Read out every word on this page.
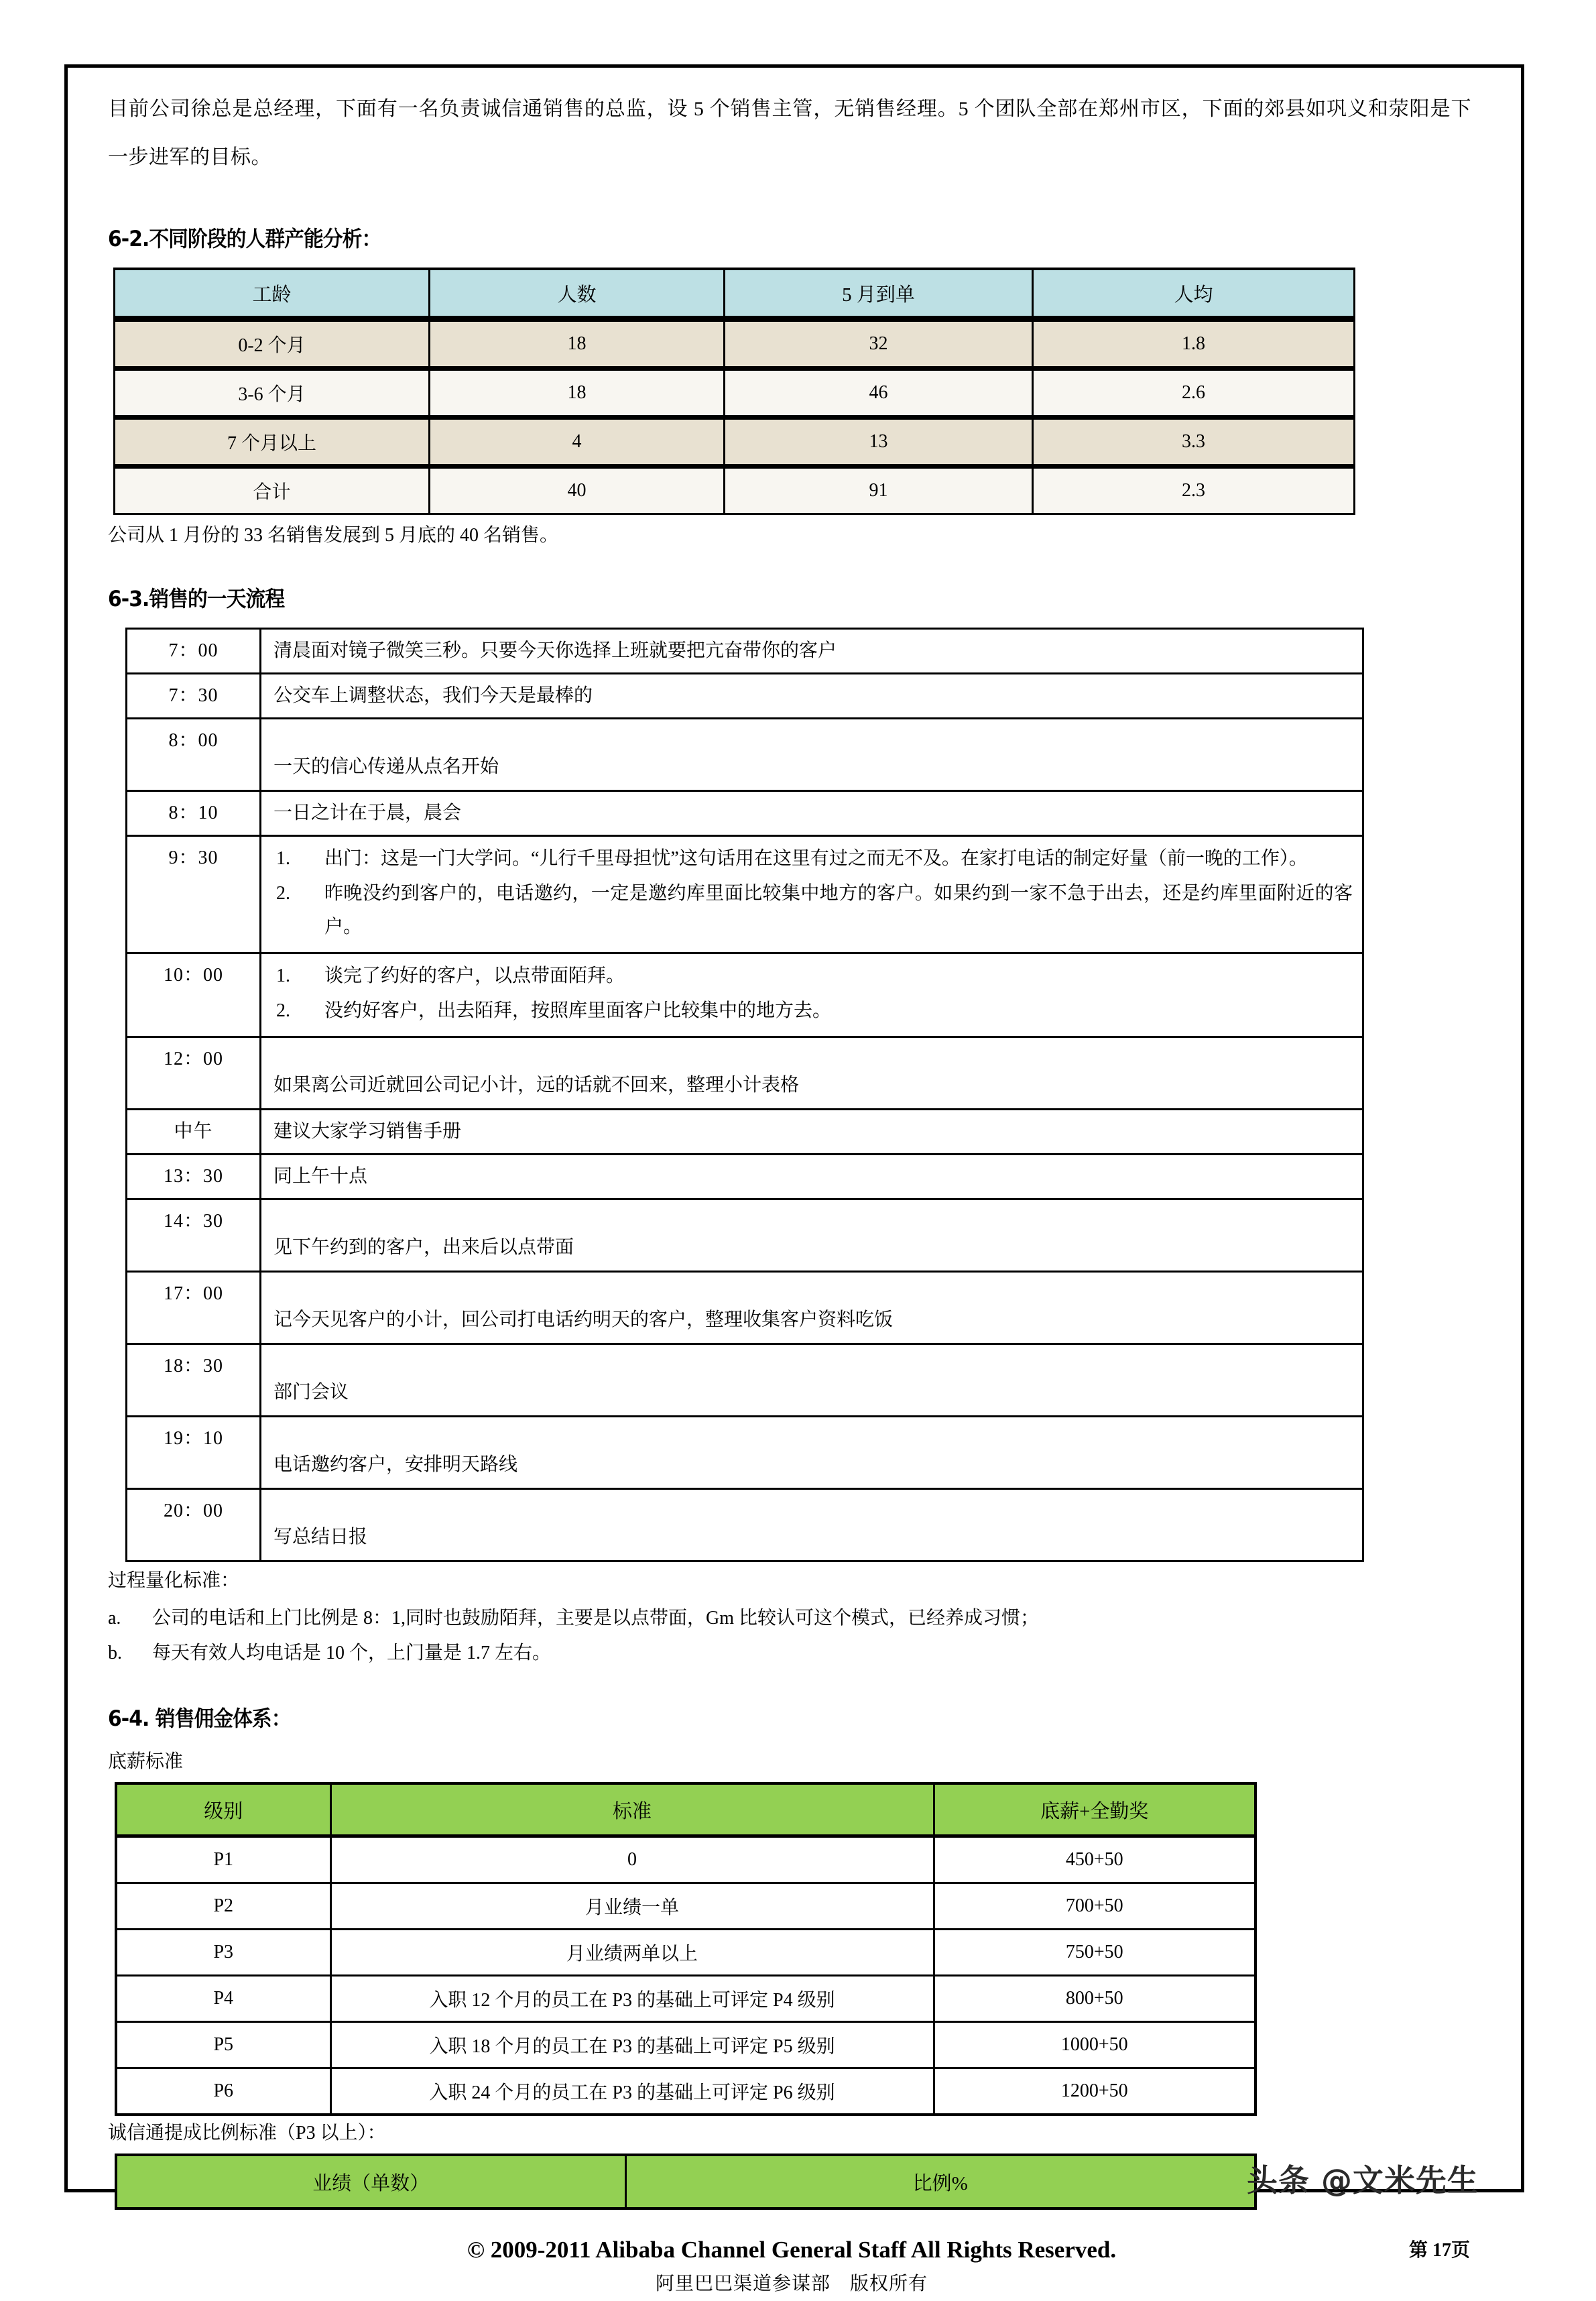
目前公司徐总是总经理，下面有一名负责诚信通销售的总监，设 5 个销售主管，无销售经理。5 个团队全部在郑州市区，下面的郊县如巩义和荥阳是下一步进军的目标。

6-2.不同阶段的人群产能分析：
工龄	人数	5 月到单	人均
0-2 个月	18	32	1.8
3-6 个月	18	46	2.6
7 个月以上	4	13	3.3
合计	40	91	2.3

公司从 1 月份的 33 名销售发展到 5 月底的 40 名销售。

6-3.销售的一天流程
7：00	清晨面对镜子微笑三秒。只要今天你选择上班就要把亢奋带你的客户
7：30	公交车上调整状态，我们今天是最棒的
8：00	一天的信心传递从点名开始
8：10	一日之计在于晨，晨会
9：30	1. 出门：这是一门大学问。“儿行千里母担忧”这句话用在这里有过之而无不及。在家打电话的制定好量（前一晚的工作）。
2. 昨晚没约到客户的，电话邀约，一定是邀约库里面比较集中地方的客户。如果约到一家不急于出去，还是约库里面附近的客户。

10：00	1. 谈完了约好的客户，以点带面陌拜。
2. 没约好客户，出去陌拜，按照库里面客户比较集中的地方去。

12：00	如果离公司近就回公司记小计，远的话就不回来，整理小计表格
中午	建议大家学习销售手册
13：30	同上午十点
14：30	见下午约到的客户，出来后以点带面
17：00	记今天见客户的小计，回公司打电话约明天的客户，整理收集客户资料吃饭
18：30	部门会议
19：10	电话邀约客户，安排明天路线
20：00	写总结日报

过程量化标准：

a. 公司的电话和上门比例是 8：1,同时也鼓励陌拜，主要是以点带面，Gm 比较认可这个模式，已经养成习惯；
b. 每天有效人均电话是 10 个，上门量是 1.7 左右。
6-4. 销售佣金体系：

底薪标准

级别	标准	底薪+全勤奖
P1	0	450+50
P2	月业绩一单	700+50
P3	月业绩两单以上	750+50
P4	入职 12 个月的员工在 P3 的基础上可评定 P4 级别	800+50
P5	入职 18 个月的员工在 P3 的基础上可评定 P5 级别	1000+50
P6	入职 24 个月的员工在 P3 的基础上可评定 P6 级别	1200+50

诚信通提成比例标准（P3 以上）：

业绩（单数）	比例%
© 2009-2011 Alibaba Channel General Staff All Rights Reserved.
阿里巴巴渠道参谋部　版权所有
第 17页
头条 @文米先生
